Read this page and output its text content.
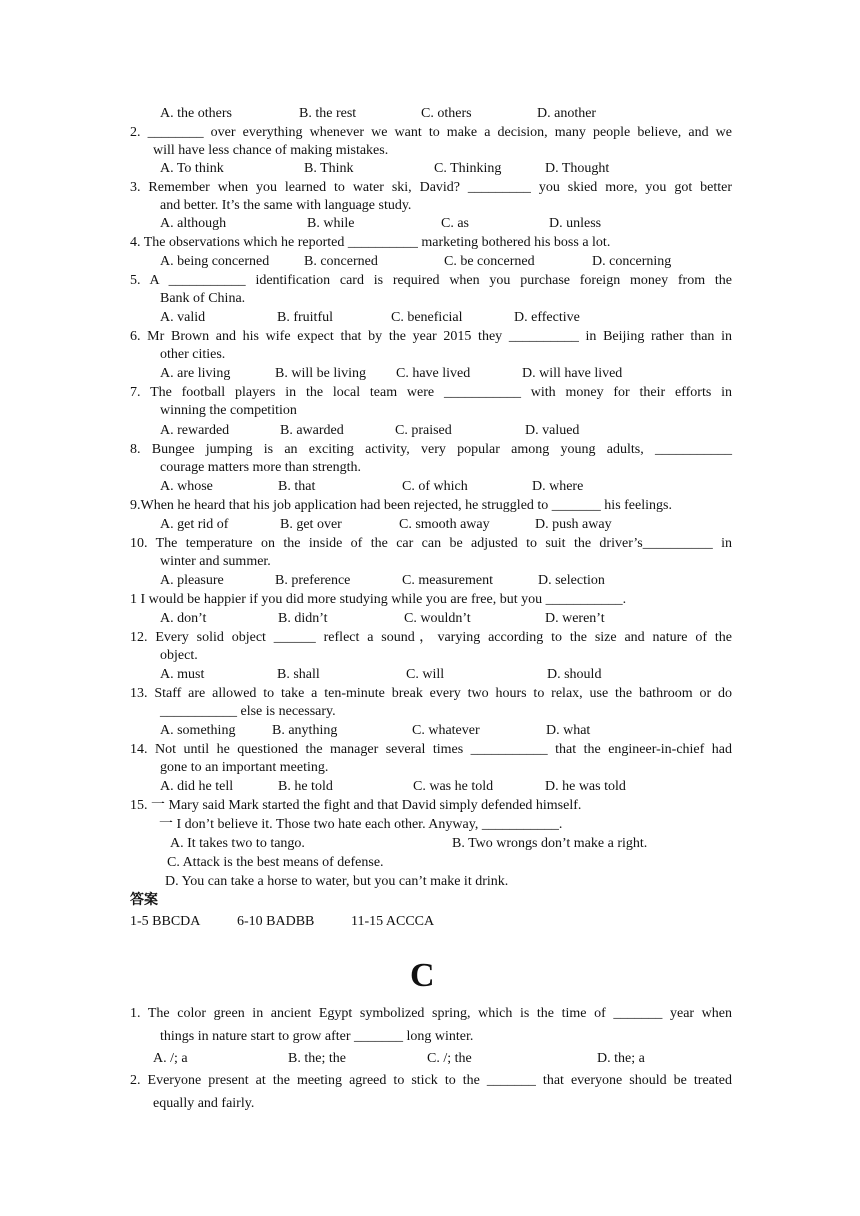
A. the others	B. the rest	C. others	D. another
2. ________ over everything whenever we want to make a decision, many people believe, and we
will have less chance of making mistakes.
A. To think	B. Think	C. Thinking	D. Thought
3. Remember when you learned to water ski, David? _________ you skied more, you got better
and better. It’s the same with language study.
A. although	B. while	C. as	D. unless
4. The observations which he reported __________ marketing bothered his boss a lot.
A. being concerned B. concerned	C. be concerned	D. concerning
5. A ___________ identification card is required when you purchase foreign money from the
Bank of China.
A. valid	B. fruitful	C. beneficial	D. effective
6. Mr Brown and his wife expect that by the year 2015 they __________ in Beijing rather than in
other cities.
A. are living	B. will be living C. have lived	D. will have lived
7. The football players in the local team were ___________ with money for their efforts in
winning the competition
A. rewarded	B. awarded	C. praised	D. valued
8. Bungee jumping is an exciting activity, very popular among young adults, ___________
courage matters more than strength.
A. whose	B. that	C. of which	D. where
9.When he heard that his job application had been rejected, he struggled to _______ his feelings.
A. get rid of	B. get over	C. smooth away	D. push away
10. The temperature on the inside of the car can be adjusted to suit the driver’s__________ in
winter and summer.
A. pleasure	B. preference	C. measurement	D. selection
1 I would be happier if you did more studying while you are free, but you ___________.
A. don’t	B. didn’t	C. wouldn’t	D. weren’t
12. Every solid object ______ reflect a sound，varying according to the size and nature of the
object.
A. must	B. shall	C. will	D. should
13. Staff are allowed to take a ten-minute break every two hours to relax, use the bathroom or do
___________ else is necessary.
A. something	B. anything	C. whatever	D. what
14. Not until he questioned the manager several times ___________ that the engineer-in-chief had
gone to an important meeting.
A. did he tell	B. he told	C. was he told	D. he was told
15. 一 Mary said Mark started the fight and that David simply defended himself.
一 I don’t believe it. Those two hate each other. Anyway, ___________.
A. It takes two to tango.	B. Two wrongs don’t make a right.
C. Attack is the best means of defense.
D. You can take a horse to water, but you can’t make it drink.
答案
1-5 BBCDA	6-10 BADBB	11-15 ACCCA
C
1. The color green in ancient Egypt symbolized spring, which is the time of _______ year when
things in nature start to grow after _______ long winter.
A. /; a	B. the; the	C. /; the	D. the; a
2. Everyone present at the meeting agreed to stick to the _______ that everyone should be treated
equally and fairly.
